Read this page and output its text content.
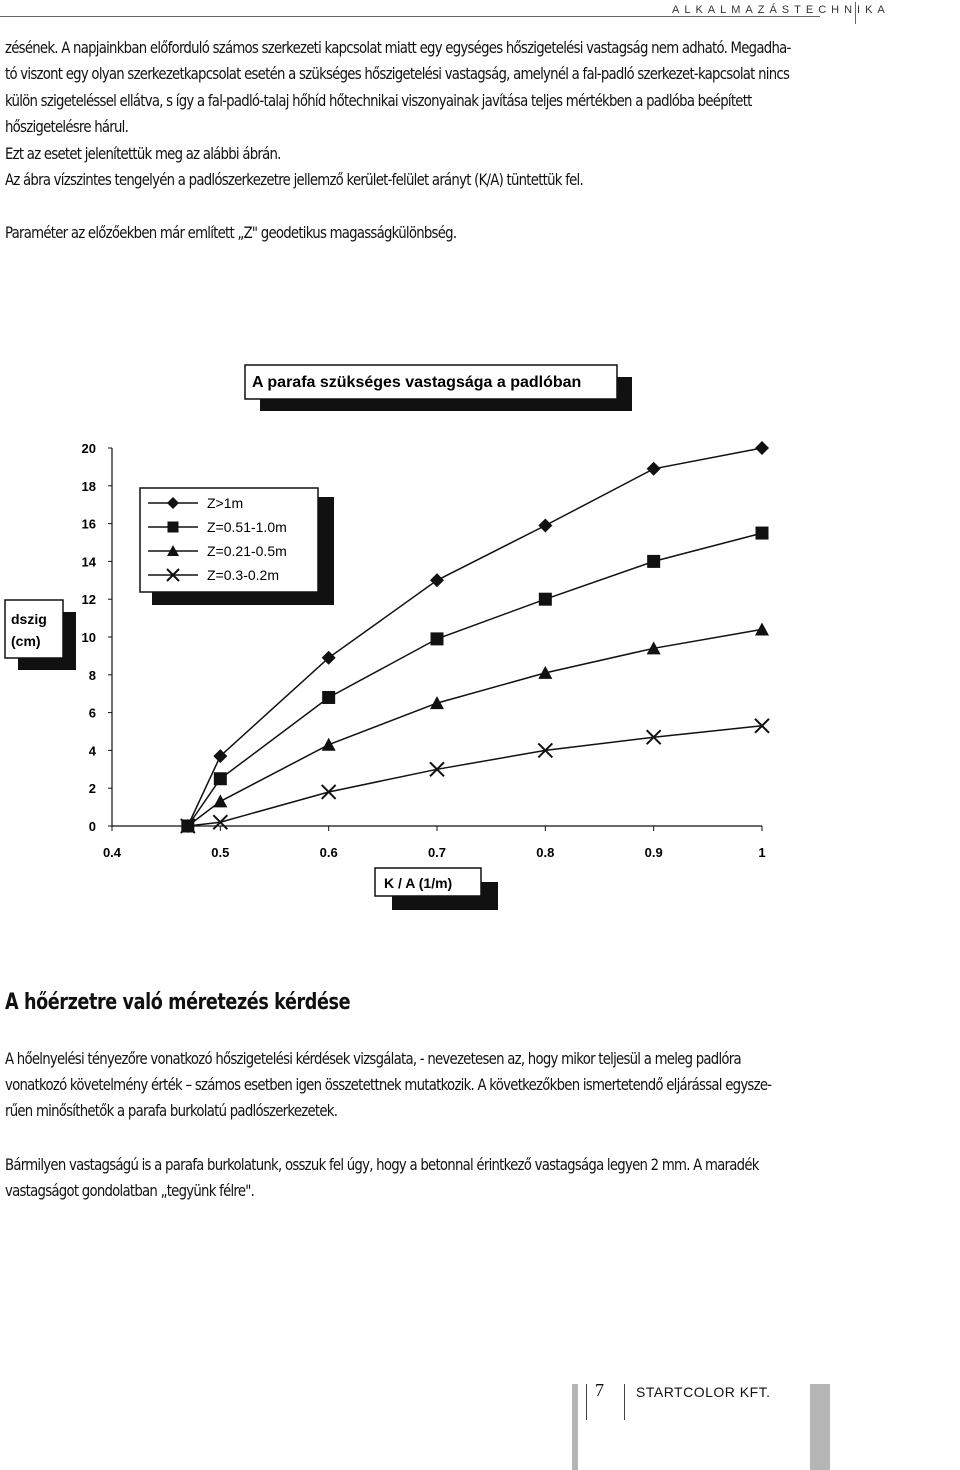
ALKALMAZÁSTECHNIKA
zésének. A napjainkban előforduló számos szerkezeti kapcsolat miatt egy egységes hőszigetelési vastagság nem adható. Megadha-
tó viszont egy olyan szerkezetkapcsolat esetén a szükséges hőszigetelési vastagság, amelynél a fal-padló szerkezet-kapcsolat nincs
külön szigeteléssel ellátva, s így a fal-padló-talaj hőhíd hőtechnikai viszonyainak javítása teljes mértékben a padlóba beépített
hőszigetelésre hárul.
Ezt az esetet jelenítettük meg az alábbi ábrán.
Az ábra vízszintes tengelyén a padlószerkezetre jellemző kerület-felület arányt (K/A) tüntettük fel.
Paraméter az előzőekben már említett „Z" geodetikus magasságkülönbség.
A parafa szükséges vastagsága a padlóban
dszig
(cm)
0
2
4
6
8
10
12
14
16
18
20
0.4	0.5	0.6	0.7	0.8	0.9	1
K / A (1/m)
Z>1m
Z=0.51-1.0m
Z=0.21-0.5m
Z=0.3-0.2m
A hőérzetre való méretezés kérdése
A hőelnyelési tényezőre vonatkozó hőszigetelési kérdések vizsgálata, - nevezetesen az, hogy mikor teljesül a meleg padlóra
vonatkozó követelmény érték – számos esetben igen összetettnek mutatkozik. A következőkben ismertetendő eljárással egysze-
rűen minősíthetők a parafa burkolatú padlószerkezetek.
Bármilyen vastagságú is a parafa burkolatunk, osszuk fel úgy, hogy a betonnal érintkező vastagsága legyen 2 mm. A maradék
vastagságot gondolatban „tegyünk félre".
7 STARTCOLOR KFT.
